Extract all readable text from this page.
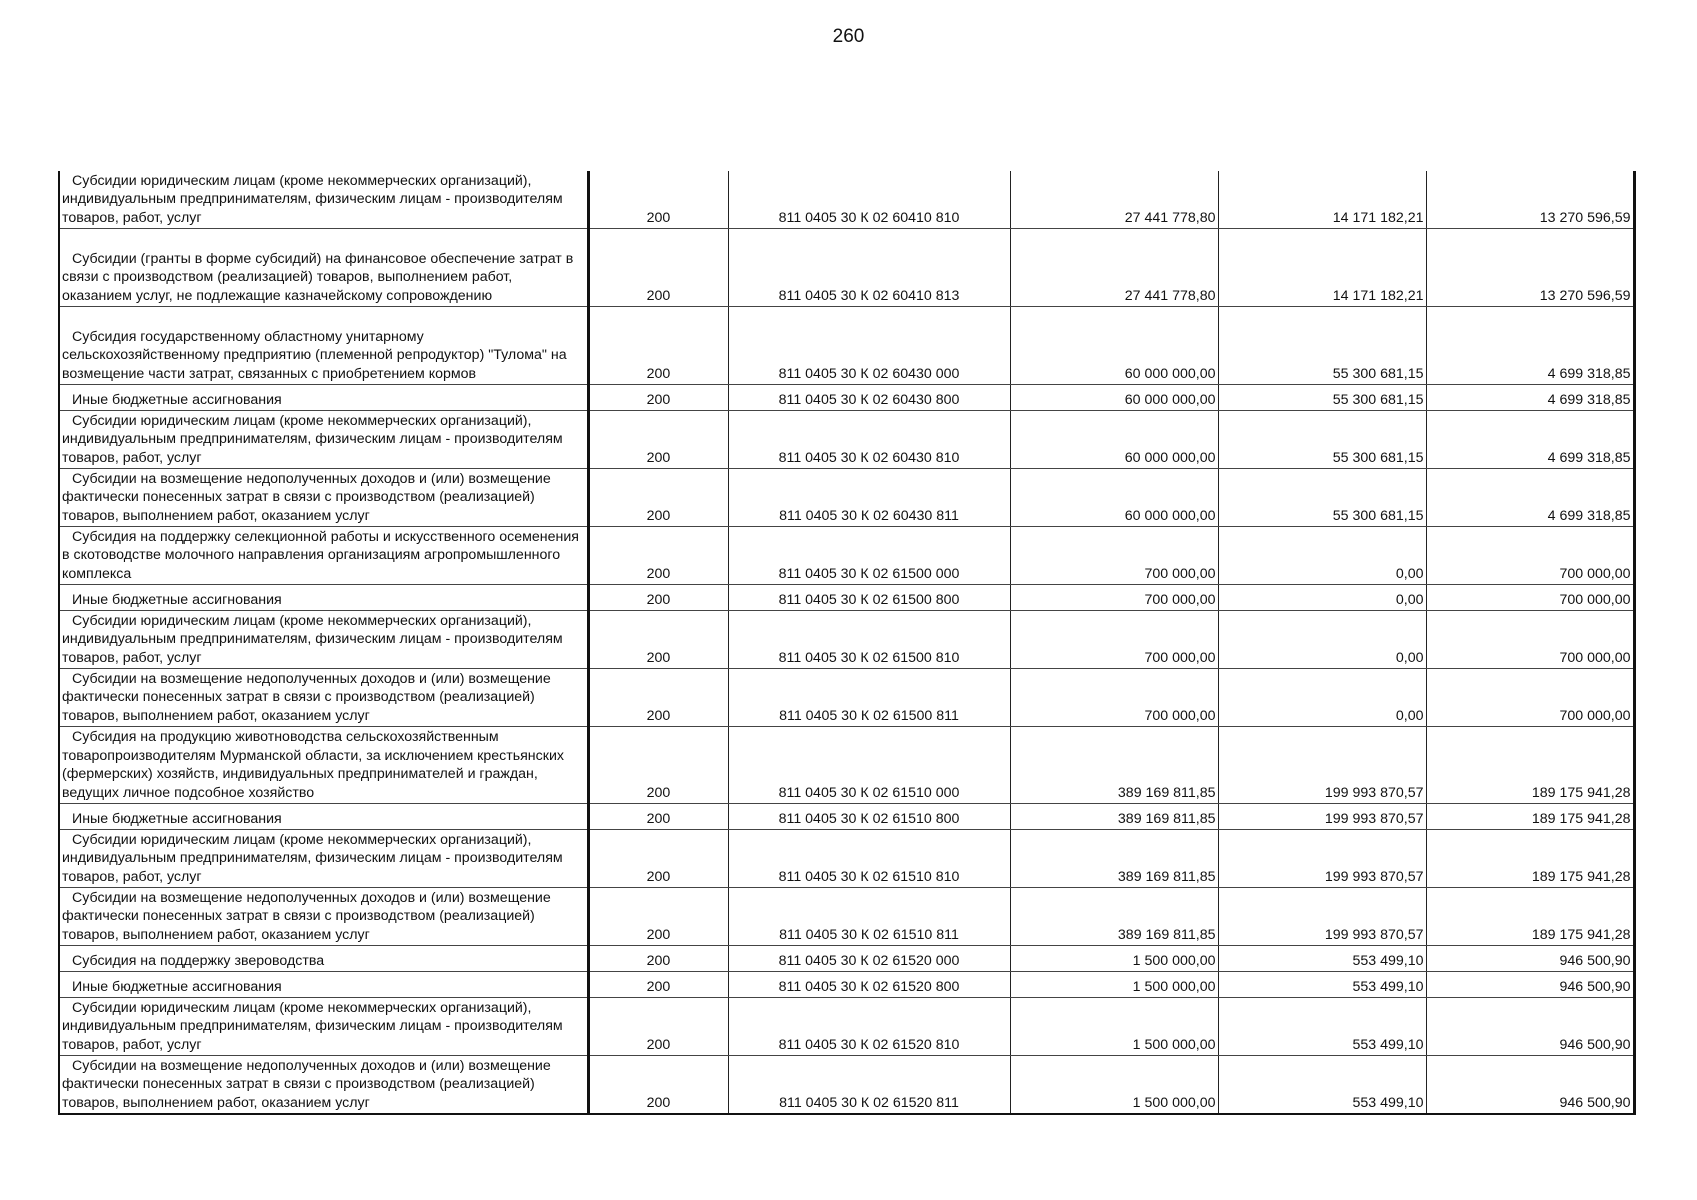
260
Субсидии юридическим лицам (кроме некоммерческих организаций), индивидуальным предпринимателям, физическим лицам - производителям товаров, работ, услуг	200	811 0405 30 К 02 60410 810	27 441 778,80	14 171 182,21	13 270 596,59
Субсидии (гранты в форме субсидий) на финансовое обеспечение затрат в связи с производством (реализацией) товаров, выполнением работ, оказанием услуг, не подлежащие казначейскому сопровождению	200	811 0405 30 К 02 60410 813	27 441 778,80	14 171 182,21	13 270 596,59
Субсидия государственному областному унитарному сельскохозяйственному предприятию (племенной репродуктор) "Тулома" на возмещение части затрат, связанных с приобретением кормов	200	811 0405 30 К 02 60430 000	60 000 000,00	55 300 681,15	4 699 318,85
Иные бюджетные ассигнования	200	811 0405 30 К 02 60430 800	60 000 000,00	55 300 681,15	4 699 318,85
Субсидии юридическим лицам (кроме некоммерческих организаций), индивидуальным предпринимателям, физическим лицам - производителям товаров, работ, услуг	200	811 0405 30 К 02 60430 810	60 000 000,00	55 300 681,15	4 699 318,85
Субсидии на возмещение недополученных доходов и (или) возмещение фактически понесенных затрат в связи с производством (реализацией) товаров, выполнением работ, оказанием услуг	200	811 0405 30 К 02 60430 811	60 000 000,00	55 300 681,15	4 699 318,85
Субсидия на поддержку селекционной работы и искусственного осеменения в скотоводстве молочного направления организациям агропромышленного комплекса	200	811 0405 30 К 02 61500 000	700 000,00	0,00	700 000,00
Иные бюджетные ассигнования	200	811 0405 30 К 02 61500 800	700 000,00	0,00	700 000,00
Субсидии юридическим лицам (кроме некоммерческих организаций), индивидуальным предпринимателям, физическим лицам - производителям товаров, работ, услуг	200	811 0405 30 К 02 61500 810	700 000,00	0,00	700 000,00
Субсидии на возмещение недополученных доходов и (или) возмещение фактически понесенных затрат в связи с производством (реализацией) товаров, выполнением работ, оказанием услуг	200	811 0405 30 К 02 61500 811	700 000,00	0,00	700 000,00
Субсидия на продукцию животноводства сельскохозяйственным товаропроизводителям Мурманской области, за исключением крестьянских (фермерских) хозяйств, индивидуальных предпринимателей и граждан, ведущих личное подсобное хозяйство	200	811 0405 30 К 02 61510 000	389 169 811,85	199 993 870,57	189 175 941,28
Иные бюджетные ассигнования	200	811 0405 30 К 02 61510 800	389 169 811,85	199 993 870,57	189 175 941,28
Субсидии юридическим лицам (кроме некоммерческих организаций), индивидуальным предпринимателям, физическим лицам - производителям товаров, работ, услуг	200	811 0405 30 К 02 61510 810	389 169 811,85	199 993 870,57	189 175 941,28
Субсидии на возмещение недополученных доходов и (или) возмещение фактически понесенных затрат в связи с производством (реализацией) товаров, выполнением работ, оказанием услуг	200	811 0405 30 К 02 61510 811	389 169 811,85	199 993 870,57	189 175 941,28
Субсидия на поддержку звероводства	200	811 0405 30 К 02 61520 000	1 500 000,00	553 499,10	946 500,90
Иные бюджетные ассигнования	200	811 0405 30 К 02 61520 800	1 500 000,00	553 499,10	946 500,90
Субсидии юридическим лицам (кроме некоммерческих организаций), индивидуальным предпринимателям, физическим лицам - производителям товаров, работ, услуг	200	811 0405 30 К 02 61520 810	1 500 000,00	553 499,10	946 500,90
Субсидии на возмещение недополученных доходов и (или) возмещение фактически понесенных затрат в связи с производством (реализацией) товаров, выполнением работ, оказанием услуг	200	811 0405 30 К 02 61520 811	1 500 000,00	553 499,10	946 500,90
